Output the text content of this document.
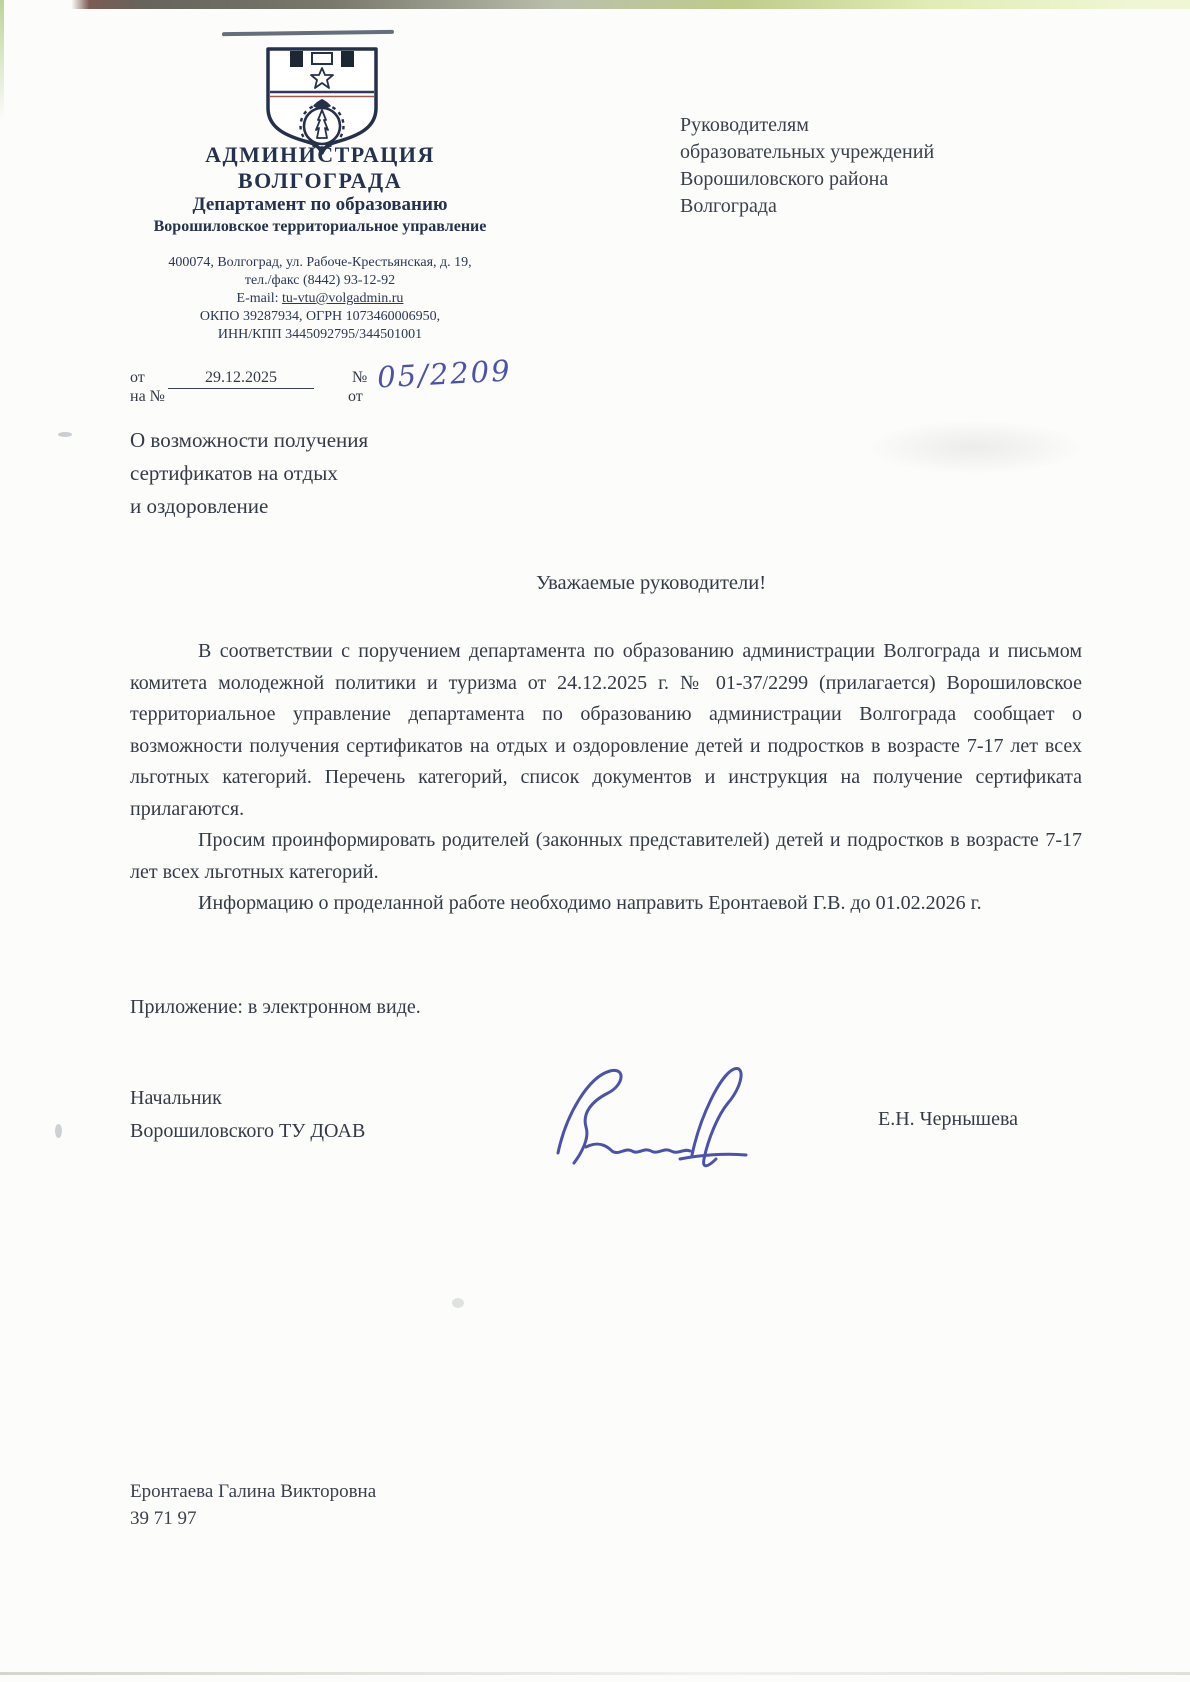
АДМИНИСТРАЦИЯ
ВОЛГОГРАДА
Департамент по образованию
Ворошиловское территориальное управление
400074, Волгоград, ул. Рабоче-Крестьянская, д. 19,
тел./факс (8442) 93-12-92
E-mail: tu-vtu@volgadmin.ru
ОКПО 39287934, ОГРН 1073460006950,
ИНН/КПП 3445092795/344501001
от	29.12.2025	№ 05/2209
на №	от
Руководителям
образовательных учреждений
Ворошиловского района
Волгограда
О возможности получения
сертификатов на отдых
и оздоровление
Уважаемые руководители!

В соответствии с поручением департамента по образованию администрации Волгограда и письмом комитета молодежной политики и туризма от 24.12.2025 г. № 01-37/2299 (прилагается) Ворошиловское территориальное управление департамента по образованию администрации Волгограда сообщает о возможности получения сертификатов на отдых и оздоровление детей и подростков в возрасте 7-17 лет всех льготных категорий. Перечень категорий, список документов и инструкция на получение сертификата прилагаются.

Просим проинформировать родителей (законных представителей) детей и подростков в возрасте 7-17 лет всех льготных категорий.

Информацию о проделанной работе необходимо направить Еронтаевой Г.В. до 01.02.2026 г.

Приложение: в электронном виде.
Начальник
Ворошиловского ТУ ДОАВ
Е.Н. Чернышева
Еронтаева Галина Викторовна
39 71 97
